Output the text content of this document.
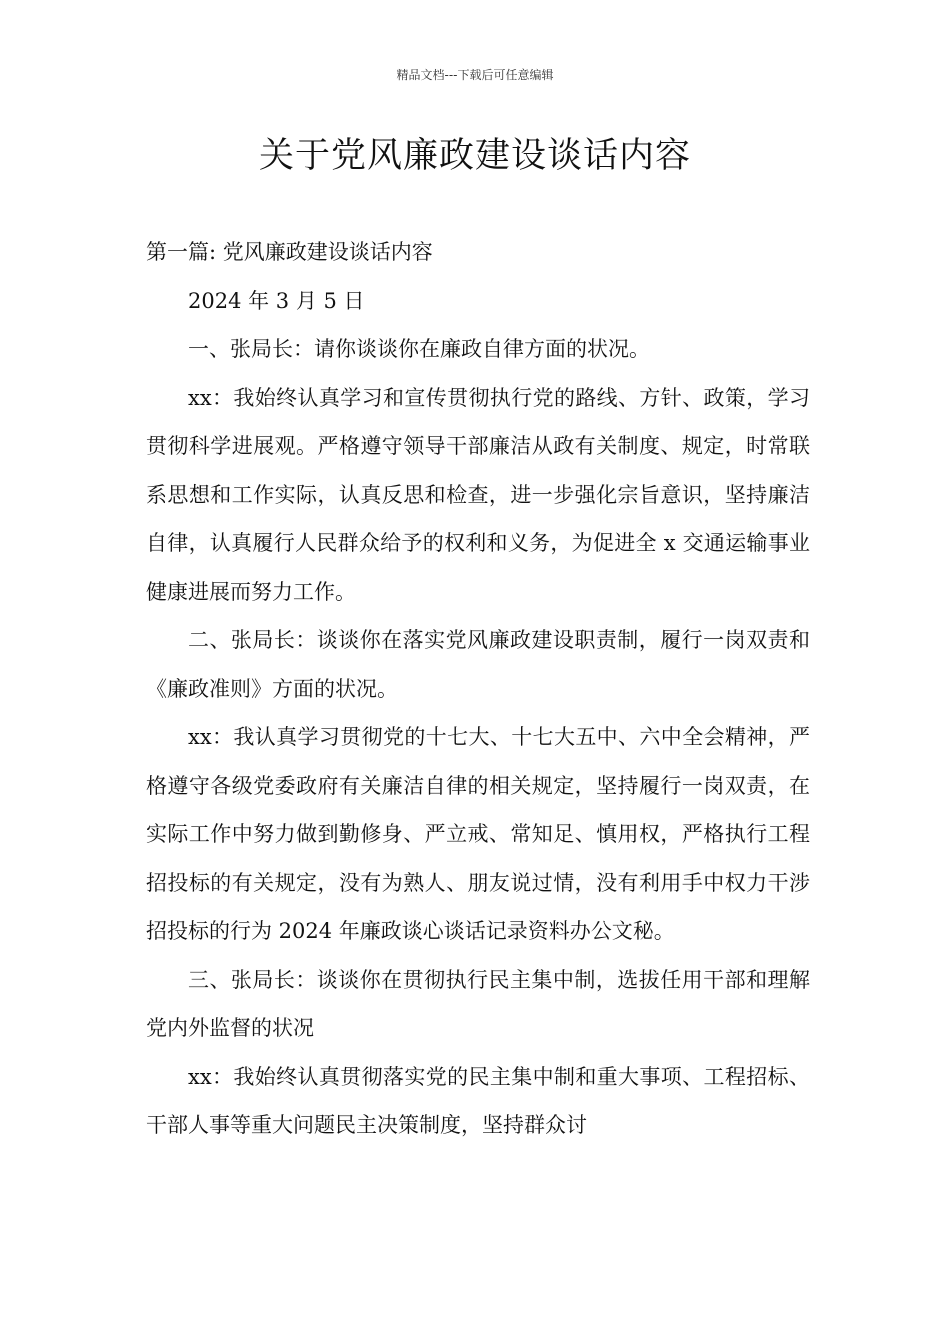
精品文档---下载后可任意编辑
关于党风廉政建设谈话内容

第一篇: 党风廉政建设谈话内容

2024 年 3 月 5 日

一、张局长：请你谈谈你在廉政自律方面的状况。

xx：我始终认真学习和宣传贯彻执行党的路线、方针、政策，学习贯彻科学进展观。严格遵守领导干部廉洁从政有关制度、规定，时常联系思想和工作实际，认真反思和检查，进一步强化宗旨意识，坚持廉洁自律，认真履行人民群众给予的权利和义务，为促进全 x 交通运输事业健康进展而努力工作。

二、张局长：谈谈你在落实党风廉政建设职责制，履行一岗双责和《廉政准则》方面的状况。

xx：我认真学习贯彻党的十七大、十七大五中、六中全会精神，严格遵守各级党委政府有关廉洁自律的相关规定，坚持履行一岗双责，在实际工作中努力做到勤修身、严立戒、常知足、慎用权，严格执行工程招投标的有关规定，没有为熟人、朋友说过情，没有利用手中权力干涉招投标的行为 2024 年廉政谈心谈话记录资料办公文秘。

三、张局长：谈谈你在贯彻执行民主集中制，选拔任用干部和理解党内外监督的状况

xx：我始终认真贯彻落实党的民主集中制和重大事项、工程招标、干部人事等重大问题民主决策制度，坚持群众讨
